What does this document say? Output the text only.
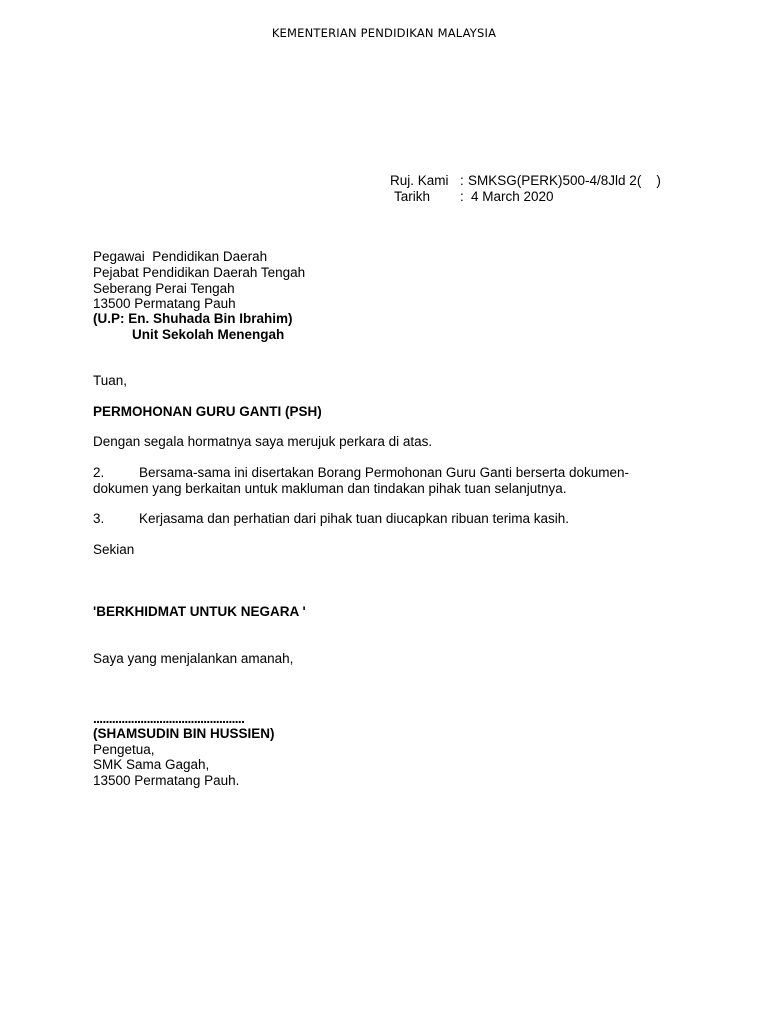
KEMENTERIAN PENDIDIKAN MALAYSIA
Ruj. Kami : SMKSG(PERK)500-4/8Jld 2(    )
Tarikh : 4 March 2020
Pegawai  Pendidikan Daerah
Pejabat Pendidikan Daerah Tengah
Seberang Perai Tengah
13500 Permatang Pauh
(U.P: En. Shuhada Bin Ibrahim)
Unit Sekolah Menengah
Tuan,
PERMOHONAN GURU GANTI (PSH)
Dengan segala hormatnya saya merujuk perkara di atas.
2.	Bersama-sama ini disertakan Borang Permohonan Guru Ganti berserta dokumen-
dokumen yang berkaitan untuk makluman dan tindakan pihak tuan selanjutnya.
3.	Kerjasama dan perhatian dari pihak tuan diucapkan ribuan terima kasih.
Sekian
'BERKHIDMAT UNTUK NEGARA '
Saya yang menjalankan amanah,
................................................
(SHAMSUDIN BIN HUSSIEN)
Pengetua,
SMK Sama Gagah,
13500 Permatang Pauh.
